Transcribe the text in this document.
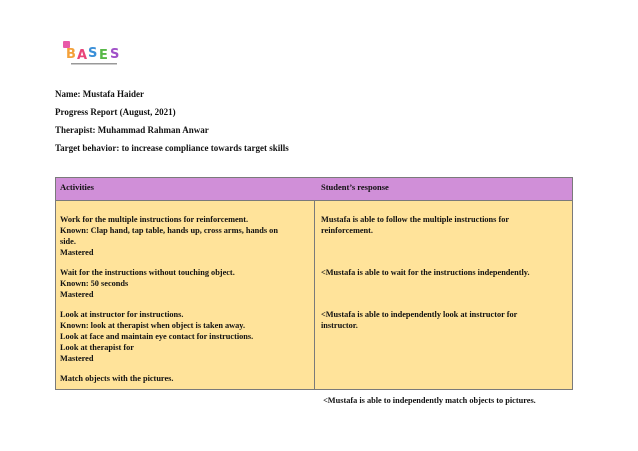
B A S E S
Name: Mustafa Haider
Progress Report (August, 2021)
Therapist: Muhammad Rahman Anwar
Target behavior: to increase compliance towards target skills
Activities	Student’s response
Work for the multiple instructions for reinforcement.
Known: Clap hand, tap table, hands up, cross arms, hands on
side.
Mastered
Wait for the instructions without touching object.
Known: 50 seconds
Mastered
Look at instructor for instructions.
Known: look at therapist when object is taken away.
Look at face and maintain eye contact for instructions.
Look at therapist for
Mastered
Match objects with the pictures.
Mustafa is able to follow the multiple instructions for
reinforcement.
<Mustafa is able to wait for the instructions independently.
<Mustafa is able to independently look at instructor for
instructor.

<Mustafa is able to independently match objects to pictures.
